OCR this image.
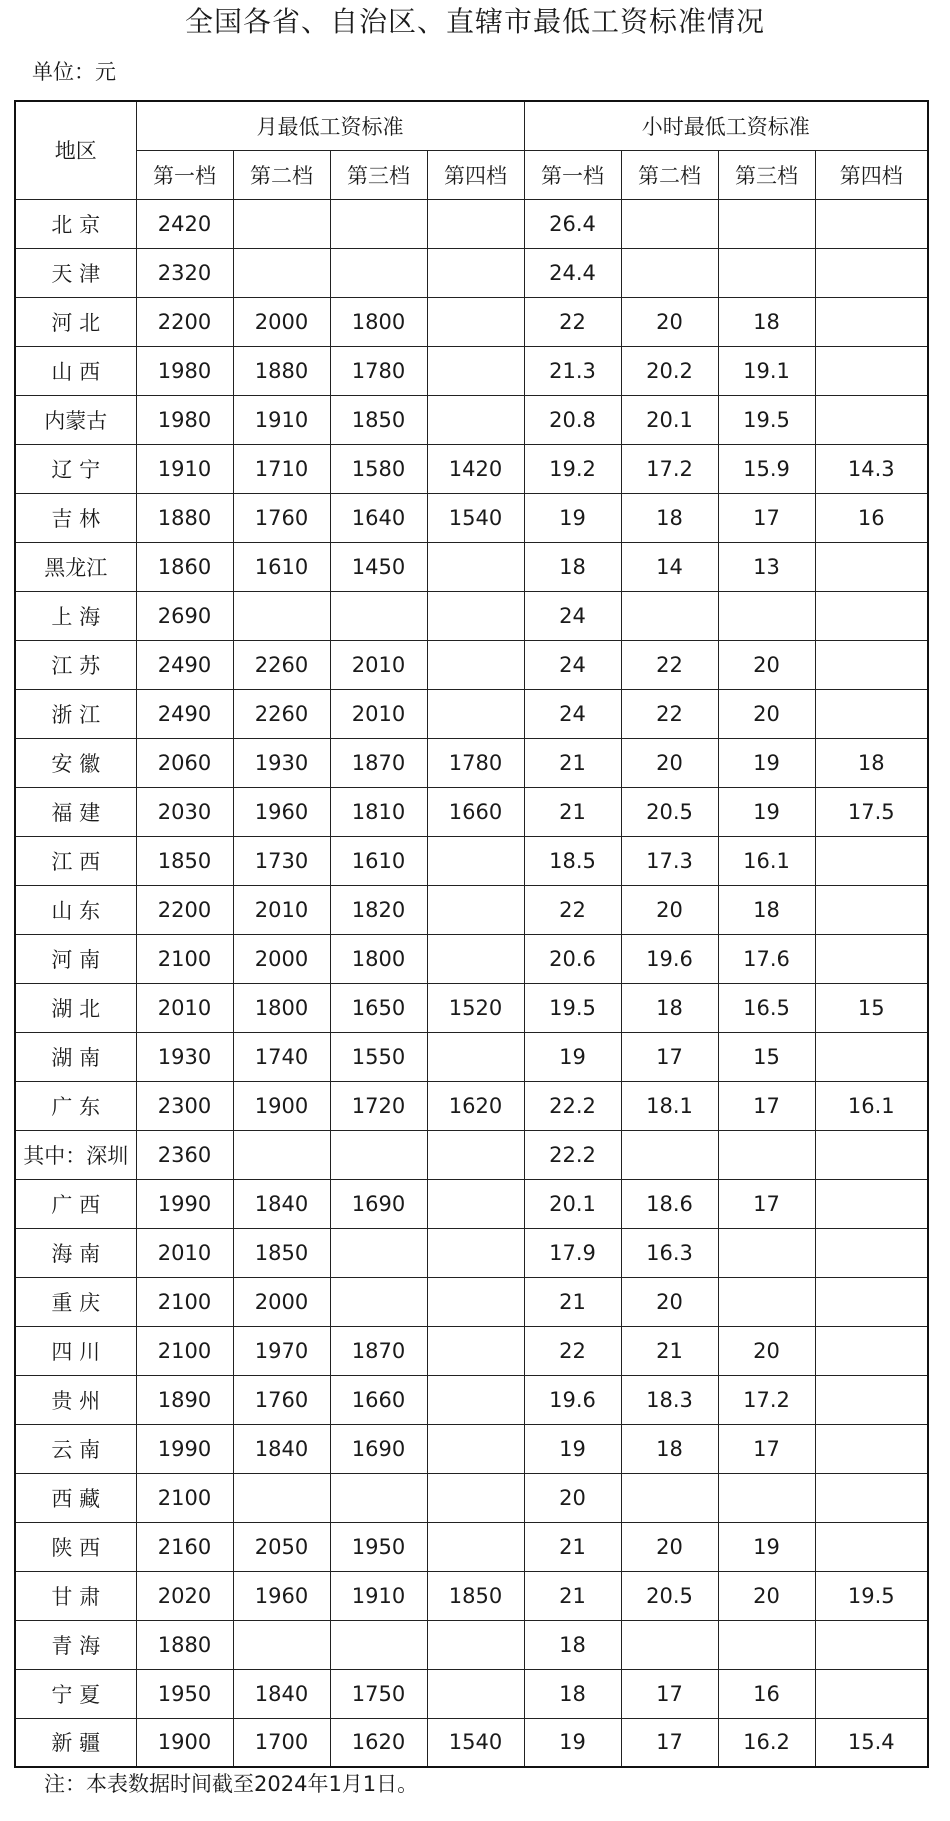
全国各省、自治区、直辖市最低工资标准情况
单位：元
地区	月最低工资标准				小时最低工资标准			
	第一档	第二档	第三档	第四档	第一档	第二档	第三档	第四档
北 京	2420				26.4			
天 津	2320				24.4			
河 北	2200	2000	1800		22	20	18	
山 西	1980	1880	1780		21.3	20.2	19.1	
内蒙古	1980	1910	1850		20.8	20.1	19.5	
辽 宁	1910	1710	1580	1420	19.2	17.2	15.9	14.3
吉 林	1880	1760	1640	1540	19	18	17	16
黑龙江	1860	1610	1450		18	14	13	
上 海	2690				24			
江 苏	2490	2260	2010		24	22	20	
浙 江	2490	2260	2010		24	22	20	
安 徽	2060	1930	1870	1780	21	20	19	18
福 建	2030	1960	1810	1660	21	20.5	19	17.5
江 西	1850	1730	1610		18.5	17.3	16.1	
山 东	2200	2010	1820		22	20	18	
河 南	2100	2000	1800		20.6	19.6	17.6	
湖 北	2010	1800	1650	1520	19.5	18	16.5	15
湖 南	1930	1740	1550		19	17	15	
广 东	2300	1900	1720	1620	22.2	18.1	17	16.1
其中：深圳	2360				22.2			
广 西	1990	1840	1690		20.1	18.6	17	
海 南	2010	1850			17.9	16.3		
重 庆	2100	2000			21	20		
四 川	2100	1970	1870		22	21	20	
贵 州	1890	1760	1660		19.6	18.3	17.2	
云 南	1990	1840	1690		19	18	17	
西 藏	2100				20			
陕 西	2160	2050	1950		21	20	19	
甘 肃	2020	1960	1910	1850	21	20.5	20	19.5
青 海	1880				18			
宁 夏	1950	1840	1750		18	17	16	
新 疆	1900	1700	1620	1540	19	17	16.2	15.4
注：本表数据时间截至2024年1月1日。
